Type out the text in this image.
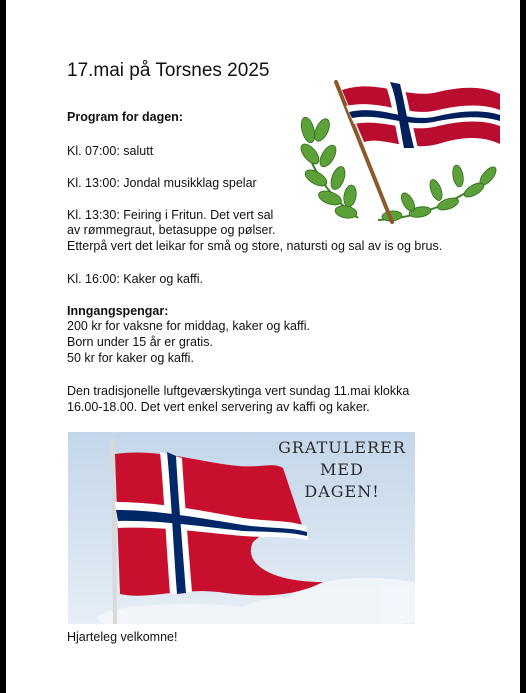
17.mai på Torsnes 2025
Program for dagen:
Kl. 07:00: salutt
Kl. 13:00: Jondal musikklag spelar
Kl. 13:30: Feiring i Fritun. Det vert sal
av rømmegraut, betasuppe og pølser.
Etterpå vert det leikar for små og store, natursti og sal av is og brus.
Kl. 16:00: Kaker og kaffi.
Inngangspengar:
200 kr for vaksne for middag, kaker og kaffi.
Born under 15 år er gratis.
50 kr for kaker og kaffi.
Den tradisjonelle luftgeværskytinga vert sundag 11.mai klokka
16.00-18.00. Det vert enkel servering av kaffi og kaker.
GRATULERER
MED
DAGEN!
Hjarteleg velkomne!
